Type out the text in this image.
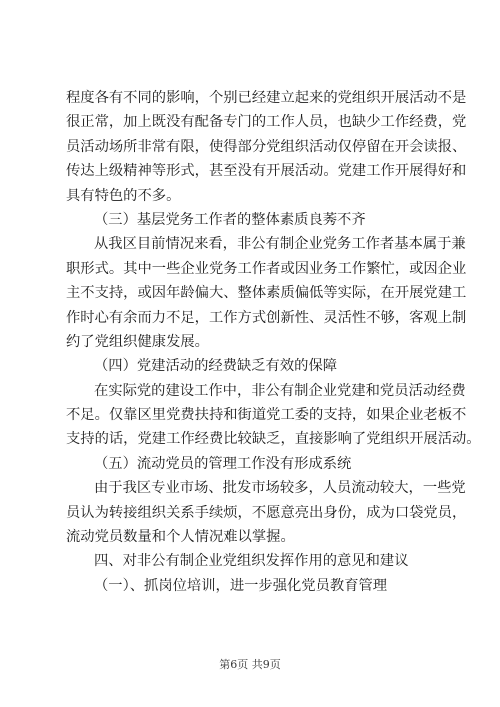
程度各有不同的影响，个别已经建立起来的党组织开展活动不是
很正常，加上既没有配备专门的工作人员，也缺少工作经费，党
员活动场所非常有限，使得部分党组织活动仅停留在开会读报、
传达上级精神等形式，甚至没有开展活动。党建工作开展得好和
具有特色的不多。
（三）基层党务工作者的整体素质良莠不齐
从我区目前情况来看，非公有制企业党务工作者基本属于兼
职形式。其中一些企业党务工作者或因业务工作繁忙，或因企业
主不支持，或因年龄偏大、整体素质偏低等实际，在开展党建工
作时心有余而力不足，工作方式创新性、灵活性不够，客观上制
约了党组织健康发展。
（四）党建活动的经费缺乏有效的保障
在实际党的建设工作中，非公有制企业党建和党员活动经费
不足。仅靠区里党费扶持和街道党工委的支持，如果企业老板不
支持的话，党建工作经费比较缺乏，直接影响了党组织开展活动。
（五）流动党员的管理工作没有形成系统
由于我区专业市场、批发市场较多，人员流动较大，一些党
员认为转接组织关系手续烦，不愿意亮出身份，成为口袋党员，
流动党员数量和个人情况难以掌握。
四、对非公有制企业党组织发挥作用的意见和建议
（一）、抓岗位培训，进一步强化党员教育管理
第6页 共9页
